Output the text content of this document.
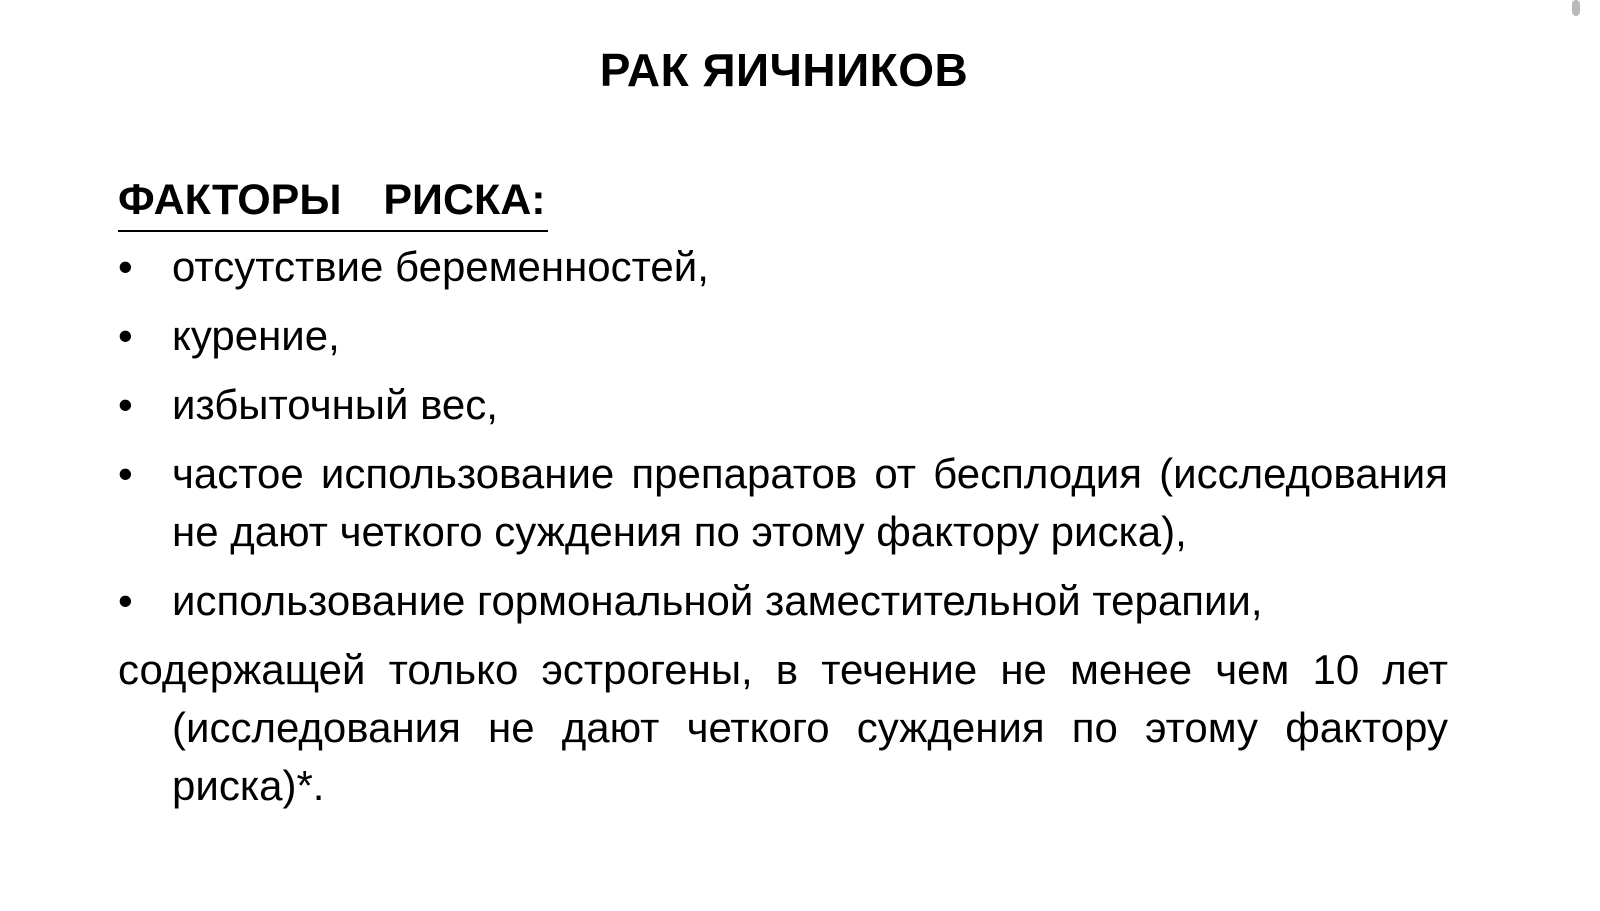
РАК ЯИЧНИКОВ
ФАКТОРЫ РИСКА:
• отсутствие беременностей,
• курение,
• избыточный вес,
• частое использование препаратов от бесплодия (исследования не дают четкого суждения по этому фактору риска),
• использование гормональной заместительной терапии,

содержащей только эстрогены, в течение не менее чем 10 лет (исследования не дают четкого суждения по этому фактору риска)*.
